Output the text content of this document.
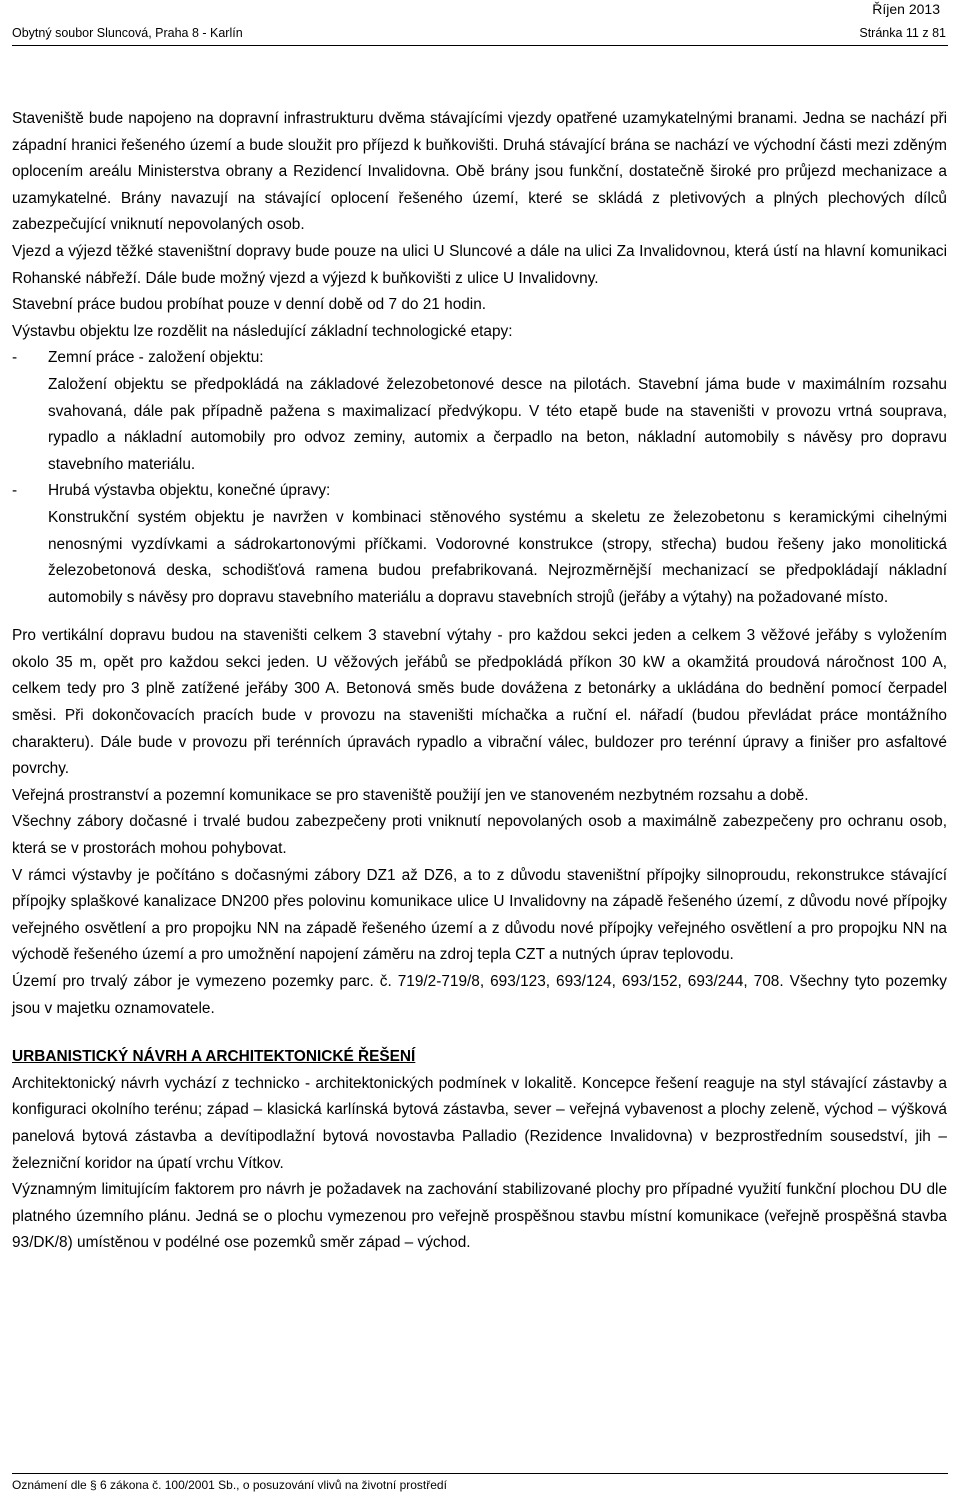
Říjen 2013
Obytný soubor Sluncová, Praha 8 - Karlín	Stránka 11 z 81

Staveniště bude napojeno na dopravní infrastrukturu dvěma stávajícími vjezdy opatřené uzamykatelnými branami. Jedna se nachází při západní hranici řešeného území a bude sloužit pro příjezd k buňkovišti. Druhá stávající brána se nachází ve východní části mezi zděným oplocením areálu Ministerstva obrany a Rezidencí Invalidovna. Obě brány jsou funkční, dostatečně široké pro průjezd mechanizace a uzamykatelné. Brány navazují na stávající oplocení řešeného území, které se skládá z pletivových a plných plechových dílců zabezpečující vniknutí nepovolaných osob.

Vjezd a výjezd těžké staveništní dopravy bude pouze na ulici U Sluncové a dále na ulici Za Invalidovnou, která ústí na hlavní komunikaci Rohanské nábřeží. Dále bude možný vjezd a výjezd k buňkovišti z ulice U Invalidovny.

Stavební práce budou probíhat pouze v denní době od 7 do 21 hodin.

Výstavbu objektu lze rozdělit na následující základní technologické etapy:

-	Zemní práce - založení objektu:

Založení objektu se předpokládá na základové železobetonové desce na pilotách. Stavební jáma bude v maximálním rozsahu svahovaná, dále pak případně pažena s maximalizací předvýkopu. V této etapě bude na staveništi v provozu vrtná souprava, rypadlo a nákladní automobily pro odvoz zeminy, automix a čerpadlo na beton, nákladní automobily s návěsy pro dopravu stavebního materiálu.

-	Hrubá výstavba objektu, konečné úpravy:

Konstrukční systém objektu je navržen v kombinaci stěnového systému a skeletu ze železobetonu s keramickými cihelnými nenosnými vyzdívkami a sádrokartonovými příčkami. Vodorovné konstrukce (stropy, střecha) budou řešeny jako monolitická železobetonová deska, schodišťová ramena budou prefabrikovaná. Nejrozměrnější mechanizací se předpokládají nákladní automobily s návěsy pro dopravu stavebního materiálu a dopravu stavebních strojů (jeřáby a výtahy) na požadované místo.

Pro vertikální dopravu budou na staveništi celkem 3 stavební výtahy - pro každou sekci jeden a celkem 3 věžové jeřáby s vyložením okolo 35 m, opět pro každou sekci jeden. U věžových jeřábů se předpokládá příkon 30 kW a okamžitá proudová náročnost 100 A, celkem tedy pro 3 plně zatížené jeřáby 300 A. Betonová směs bude dovážena z betonárky a ukládána do bednění pomocí čerpadel směsi. Při dokončovacích pracích bude v provozu na staveništi míchačka a ruční el. nářadí (budou převládat práce montážního charakteru). Dále bude v provozu při terénních úpravách rypadlo a vibrační válec, buldozer pro terénní úpravy a finišer pro asfaltové povrchy.

Veřejná prostranství a pozemní komunikace se pro staveniště použijí jen ve stanoveném nezbytném rozsahu a době.

Všechny zábory dočasné i trvalé budou zabezpečeny proti vniknutí nepovolaných osob a maximálně zabezpečeny pro ochranu osob, která se v prostorách mohou pohybovat.

V rámci výstavby je počítáno s dočasnými zábory DZ1 až DZ6, a to z důvodu staveništní přípojky silnoproudu, rekonstrukce stávající přípojky splaškové kanalizace DN200 přes polovinu komunikace ulice U Invalidovny na západě řešeného území, z důvodu nové přípojky veřejného osvětlení a pro propojku NN na západě řešeného území a z důvodu nové přípojky veřejného osvětlení a pro propojku NN na východě řešeného území a pro umožnění napojení záměru na zdroj tepla CZT a nutných úprav teplovodu.

Území pro trvalý zábor je vymezeno pozemky parc. č. 719/2-719/8, 693/123, 693/124, 693/152, 693/244, 708. Všechny tyto pozemky jsou v majetku oznamovatele.

URBANISTICKÝ NÁVRH A ARCHITEKTONICKÉ ŘEŠENÍ

Architektonický návrh vychází z technicko - architektonických podmínek v lokalitě. Koncepce řešení reaguje na styl stávající zástavby a konfiguraci okolního terénu; západ – klasická karlínská bytová zástavba, sever – veřejná vybavenost a plochy zeleně, východ – výšková panelová bytová zástavba a devítipodlažní bytová novostavba Palladio (Rezidence Invalidovna) v bezprostředním sousedství, jih – železniční koridor na úpatí vrchu Vítkov.

Významným limitujícím faktorem pro návrh je požadavek na zachování stabilizované plochy pro případné využití funkční plochou DU dle platného územního plánu. Jedná se o plochu vymezenou pro veřejně prospěšnou stavbu místní komunikace (veřejně prospěšná stavba 93/DK/8) umístěnou v podélné ose pozemků směr západ – východ.

Oznámení dle § 6 zákona č. 100/2001 Sb., o posuzování vlivů na životní prostředí
